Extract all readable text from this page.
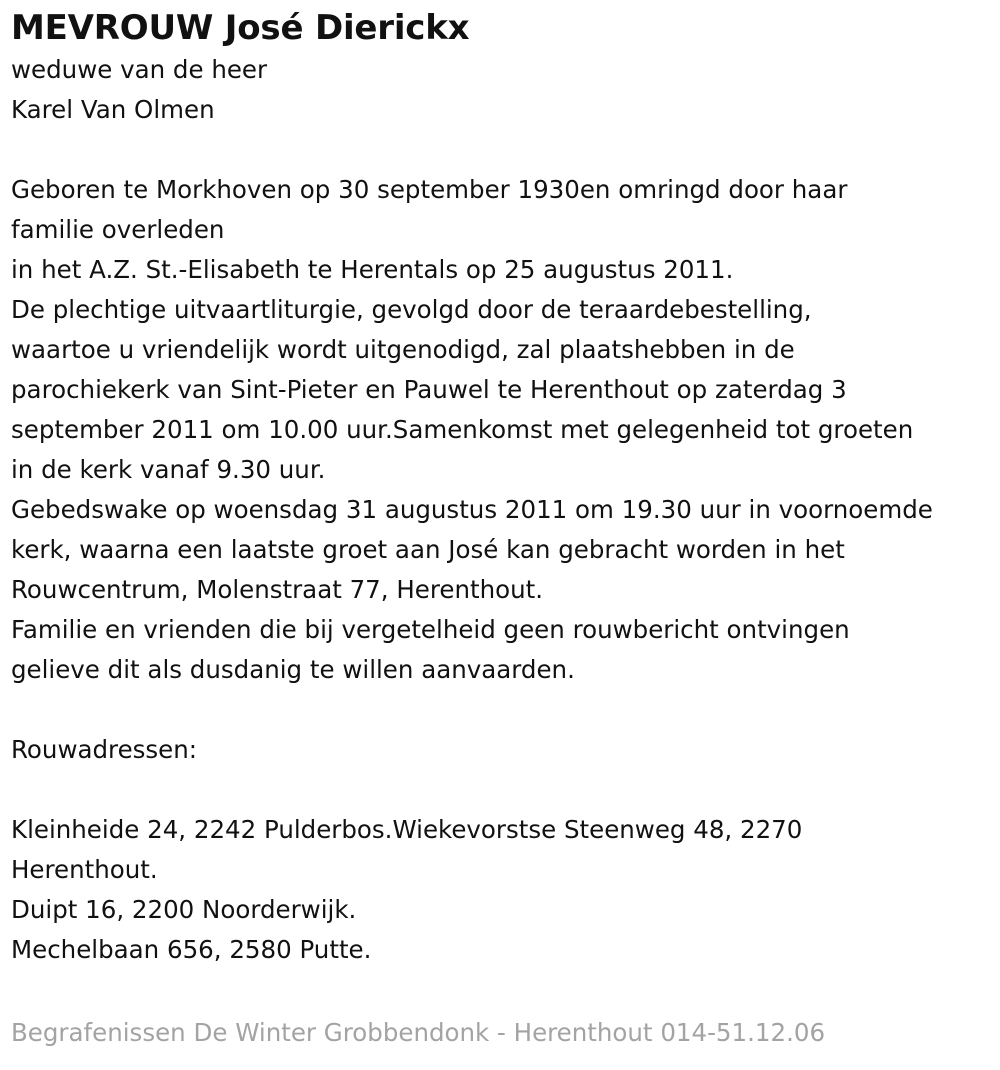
MEVROUW José Dierickx
weduwe van de heer
Karel Van Olmen
Geboren te Morkhoven op 30 september 1930en omringd door haar
familie overleden
in het A.Z. St.-Elisabeth te Herentals op 25 augustus 2011.
De plechtige uitvaartliturgie, gevolgd door de teraardebestelling,
waartoe u vriendelijk wordt uitgenodigd, zal plaatshebben in de
parochiekerk van Sint-Pieter en Pauwel te Herenthout op zaterdag 3
september 2011 om 10.00 uur.Samenkomst met gelegenheid tot groeten
in de kerk vanaf 9.30 uur.
Gebedswake op woensdag 31 augustus 2011 om 19.30 uur in voornoemde
kerk, waarna een laatste groet aan José kan gebracht worden in het
Rouwcentrum, Molenstraat 77, Herenthout.
Familie en vrienden die bij vergetelheid geen rouwbericht ontvingen
gelieve dit als dusdanig te willen aanvaarden.
Rouwadressen:
Kleinheide 24, 2242 Pulderbos.Wiekevorstse Steenweg 48, 2270
Herenthout.
Duipt 16, 2200 Noorderwijk.
Mechelbaan 656, 2580 Putte.
Begrafenissen De Winter Grobbendonk - Herenthout 014-51.12.06
